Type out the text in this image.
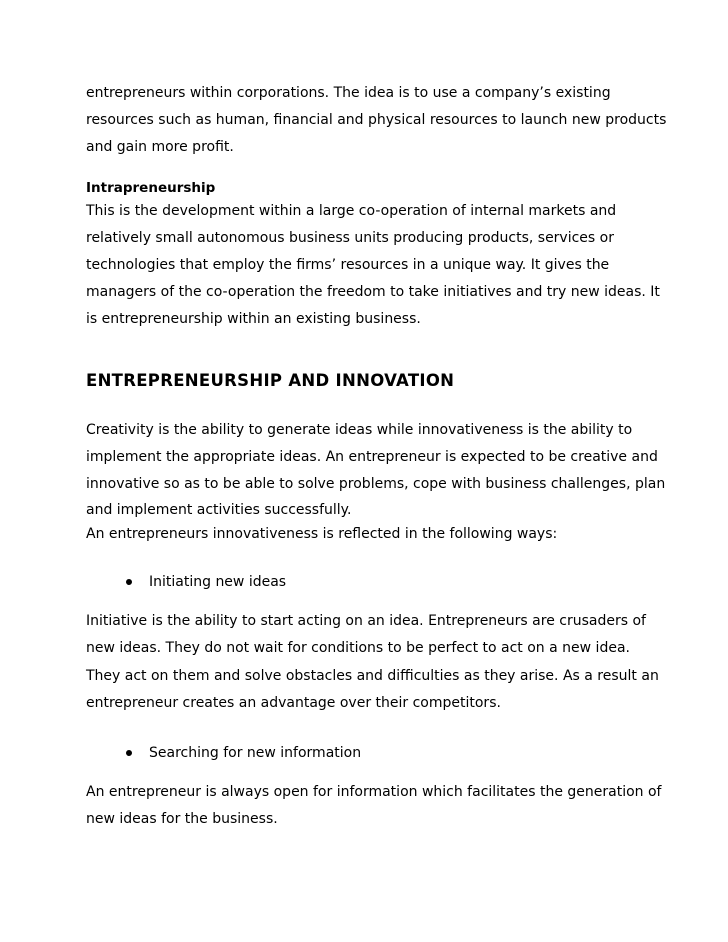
entrepreneurs within corporations. The idea is to use a company’s existing

resources such as human, financial and physical resources to launch new products

and gain more profit.

Intrapreneurship

This is the development within a large co-operation of internal markets and

relatively small autonomous business units producing products, services or

technologies that employ the firms’ resources in a unique way. It gives the

managers of the co-operation the freedom to take initiatives and try new ideas. It

is entrepreneurship within an existing business.

ENTREPRENEURSHIP AND INNOVATION

Creativity is the ability to generate ideas while innovativeness is the ability to

implement the appropriate ideas. An entrepreneur is expected to be creative and

innovative so as to be able to solve problems, cope with business challenges, plan

and implement activities successfully.

An entrepreneurs innovativeness is reflected in the following ways:

Initiating new ideas

Initiative is the ability to start acting on an idea. Entrepreneurs are crusaders of

new ideas. They do not wait for conditions to be perfect to act on a new idea.

They act on them and solve obstacles and difficulties as they arise. As a result an

entrepreneur creates an advantage over their competitors.

Searching for new information

An entrepreneur is always open for information which facilitates the generation of

new ideas for the business.
